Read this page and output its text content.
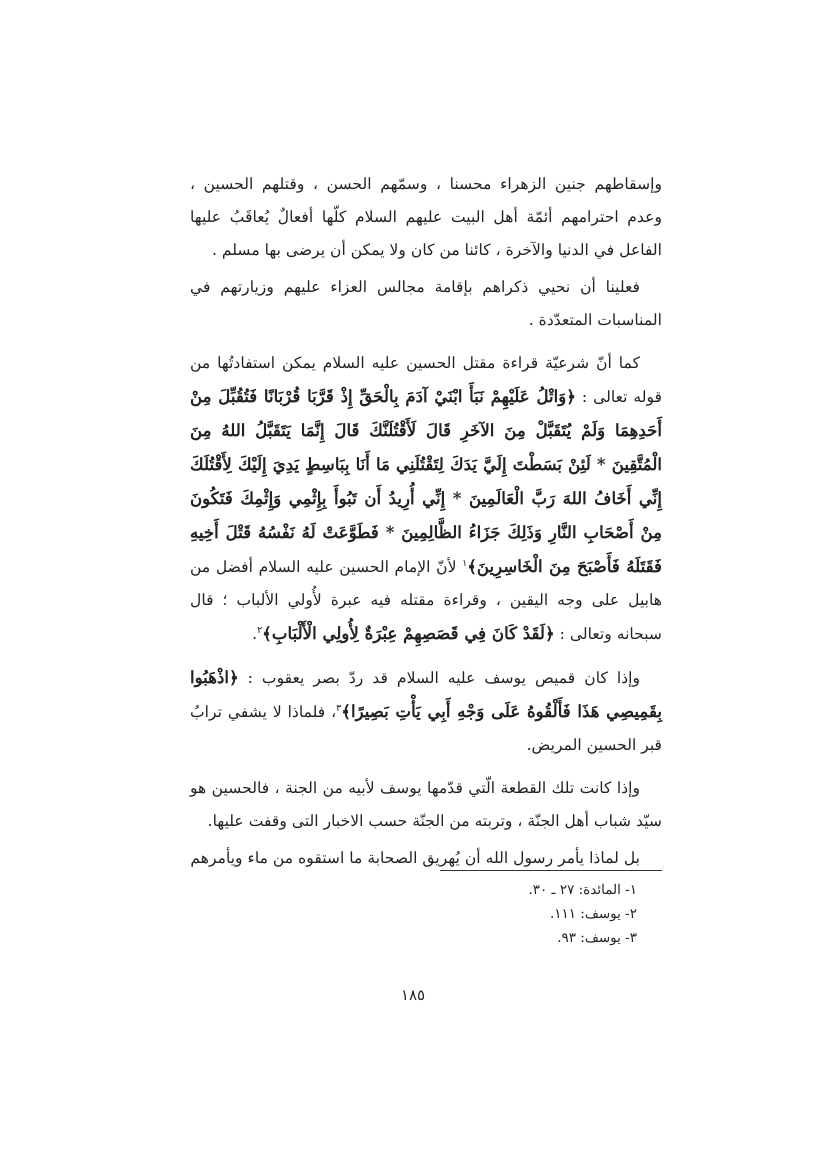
وإسقاطهم جنين الزهراء محسنا ، وسمّهم الحسن ، وقتلهم الحسين ، وعدم احترامهم أئمّة أهل البيت عليهم السلام كلّها أفعالٌ يُعاقَبُ عليها الفاعل في الدنيا والآخرة ، كائنا من كان ولا يمكن أن يرضى بها مسلم .

فعلينا أن نحيي ذكراهم بإقامة مجالس العزاء عليهم وزيارتهم في المناسبات المتعدّدة .

كما أنّ شرعيّة قراءة مقتل الحسين عليه السلام يمكن استفادتُها من قوله تعالى : ﴿وَاتْلُ عَلَيْهِمْ نَبَأَ ابْنَيْ آدَمَ بِالْحَقِّ إِذْ قَرَّبَا قُرْبَانًا فَتُقُبِّلَ مِنْ أَحَدِهِمَا وَلَمْ يُتَقَبَّلْ مِنَ الآخَرِ قَالَ لَأَقْتُلَنَّكَ قَالَ إِنَّمَا يَتَقَبَّلُ اللهُ مِنَ الْمُتَّقِينَ * لَئِنْ بَسَطْتَ إِلَيَّ يَدَكَ لِتَقْتُلَنِي مَا أَنَا بِبَاسِطٍ يَدِيَ إِلَيْكَ لِأَقْتُلَكَ إِنِّي أَخَافُ اللهَ رَبَّ الْعَالَمِينَ * إِنِّي أُرِيدُ أَن تَبُوأَ بِإِثْمِي وَإِثْمِكَ فَتَكُونَ مِنْ أَصْحَابِ النَّارِ وَذَلِكَ جَزَاءُ الظَّالِمِينَ * فَطَوَّعَتْ لَهُ نَفْسُهُ قَتْلَ أَخِيهِ فَقَتَلَهُ فَأَصْبَحَ مِنَ الْخَاسِرِينَ﴾$^١$ لأنّ الإمام الحسين عليه السلام أفضل من هابيل على وجه اليقين ، وقراءة مقتله فيه عبرة لأُولي الألباب ؛ قال سبحانه وتعالى : ﴿لَقَدْ كَانَ فِي قَصَصِهِمْ عِبْرَةٌ لِأُولِي الْأَلْبَابِ﴾$^٢$.

وإذا كان قميص يوسف عليه السلام قد ردّ بصر يعقوب : ﴿اذْهَبُوا بِقَمِيصِي هَذَا فَأَلْقُوهُ عَلَى وَجْهِ أَبِي يَأْتِ بَصِيرًا﴾$^٣$، فلماذا لا يشفي ترابُ قبر الحسين المريض.

وإذا كانت تلك القطعة الّتي قدّمها يوسف لأبيه من الجنة ، فالحسين هو سيّد شباب أهل الجنّة ، وتربته من الجنّة حسب الاخبار التى وقفت عليها.

بل لماذا يأمر رسول الله أن يُهريق الصحابة ما استقوه من ماء ويأمرهم

١- المائدة: ٢٧ ـ ٣٠.
٢- يوسف: ١١١.
٣- يوسف: ٩٣.
١٨٥
